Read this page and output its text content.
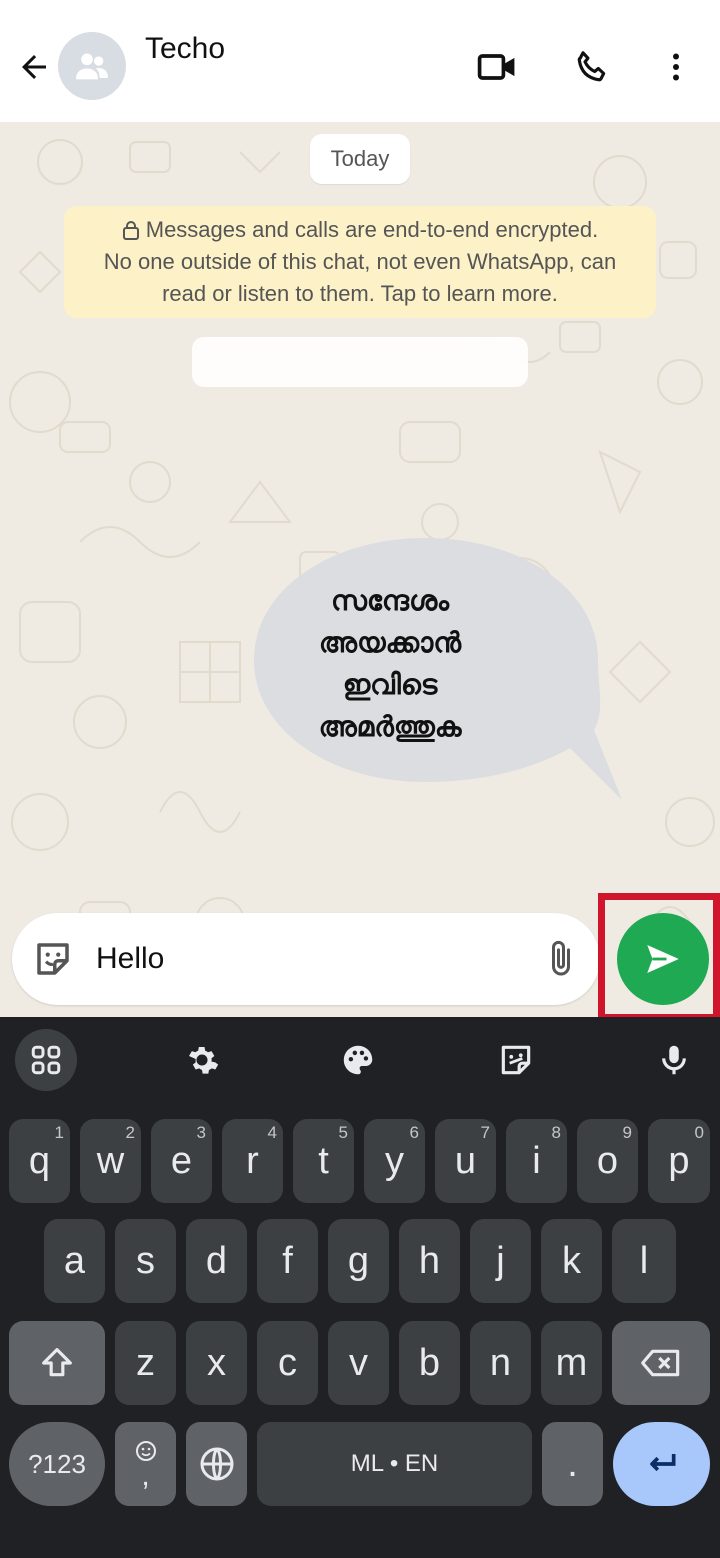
Techo
Today
Messages and calls are end-to-end encrypted.
No one outside of this chat, not even WhatsApp, can
read or listen to them. Tap to learn more.
സന്ദേശം
അയക്കാൻ
ഇവിടെ
അമർത്തുക
Hello
q
1
w
2
e
3
r
4
t
5
y
6
u
7
i
8
o
9
p
0
a	s	d	f	g	h	j	k	l
z	x	c	v	b	n	m
?123	,	ML • EN	.
